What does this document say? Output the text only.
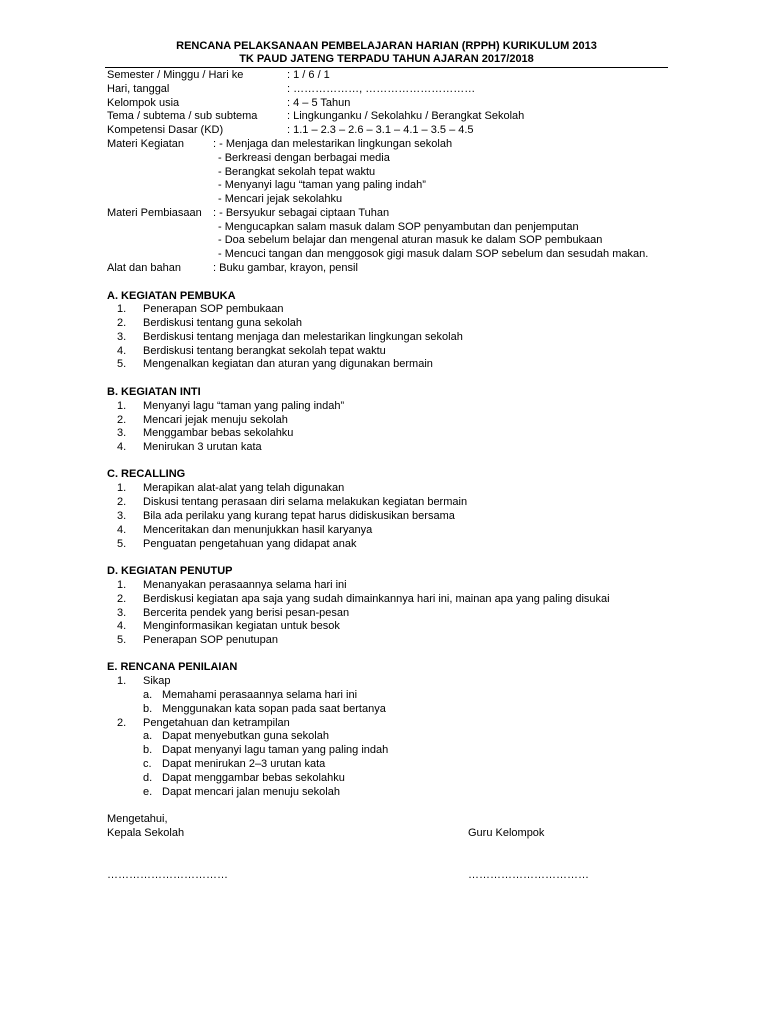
RENCANA PELAKSANAAN PEMBELAJARAN HARIAN (RPPH) KURIKULUM 2013
TK PAUD JATENG TERPADU TAHUN AJARAN 2017/2018
Semester / Minggu / Hari ke	: 1 / 6 / 1
Hari, tanggal	: ………………, …………………………
Kelompok usia	: 4 – 5 Tahun
Tema / subtema / sub subtema	: Lingkunganku / Sekolahku / Berangkat Sekolah
Kompetensi Dasar (KD)	: 1.1 – 2.3 – 2.6 – 3.1 – 4.1 – 3.5 – 4.5
Materi Kegiatan	: - Menjaga dan melestarikan lingkungan sekolah
- Berkreasi dengan berbagai media
- Berangkat sekolah tepat waktu
- Menyanyi lagu “taman yang paling indah”
- Mencari jejak sekolahku
Materi Pembiasaan : - Bersyukur sebagai ciptaan Tuhan
- Mengucapkan salam masuk dalam SOP penyambutan dan penjemputan
- Doa sebelum belajar dan mengenal aturan masuk ke dalam SOP pembukaan
- Mencuci tangan dan menggosok gigi masuk dalam SOP sebelum dan sesudah makan.
Alat dan bahan	: Buku gambar, krayon, pensil
A. KEGIATAN PEMBUKA
1. Penerapan SOP pembukaan
2. Berdiskusi tentang guna sekolah
3. Berdiskusi tentang menjaga dan melestarikan lingkungan sekolah
4. Berdiskusi tentang berangkat sekolah tepat waktu
5. Mengenalkan kegiatan dan aturan yang digunakan bermain
B. KEGIATAN INTI
1. Menyanyi lagu “taman yang paling indah”
2. Mencari jejak menuju sekolah
3. Menggambar bebas sekolahku
4. Menirukan 3 urutan kata
C. RECALLING
1. Merapikan alat-alat yang telah digunakan
2. Diskusi tentang perasaan diri selama melakukan kegiatan bermain
3. Bila ada perilaku yang kurang tepat harus didiskusikan bersama
4. Menceritakan dan menunjukkan hasil karyanya
5. Penguatan pengetahuan yang didapat anak
D. KEGIATAN PENUTUP
1. Menanyakan perasaannya selama hari ini
2. Berdiskusi kegiatan apa saja yang sudah dimainkannya hari ini, mainan apa yang paling disukai
3. Bercerita pendek yang berisi pesan-pesan
4. Menginformasikan kegiatan untuk besok
5. Penerapan SOP penutupan
E. RENCANA PENILAIAN
1. Sikap
a. Memahami perasaannya selama hari ini
b. Menggunakan kata sopan pada saat bertanya
2. Pengetahuan dan ketrampilan
a. Dapat menyebutkan guna sekolah
b. Dapat menyanyi lagu taman yang paling indah
c. Dapat menirukan 2–3 urutan kata
d. Dapat menggambar bebas sekolahku
e. Dapat mencari jalan menuju sekolah
Mengetahui,
Kepala Sekolah	Guru Kelompok
……………………………	……………………………
